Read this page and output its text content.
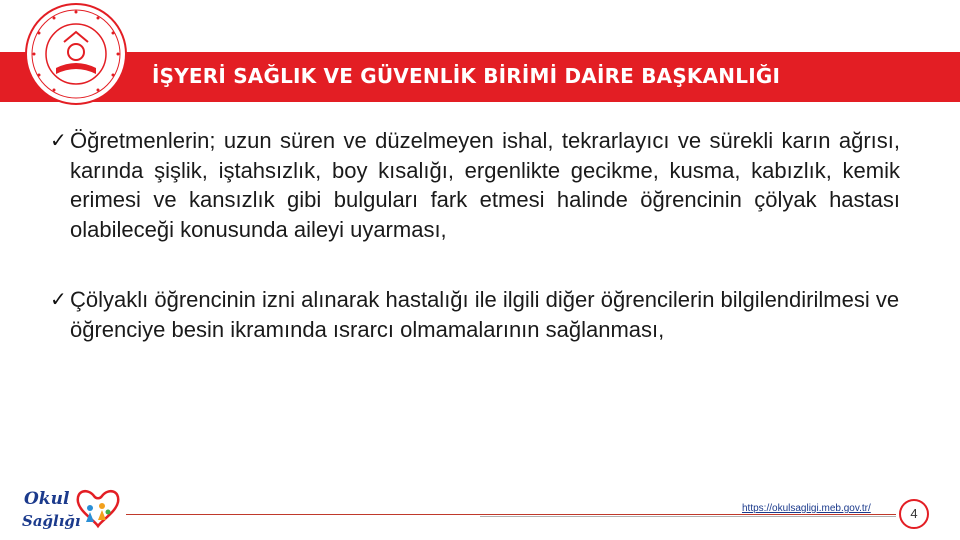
İŞYERİ SAĞLIK VE GÜVENLİK BİRİMİ DAİRE BAŞKANLIĞI
✓ Öğretmenlerin; uzun süren ve düzelmeyen ishal, tekrarlayıcı ve sürekli karın ağrısı, karında şişlik, iştahsızlık, boy kısalığı, ergenlikte gecikme, kusma, kabızlık, kemik erimesi ve kansızlık gibi bulguları fark etmesi halinde öğrencinin çölyak hastası olabileceği konusunda aileyi uyarması,
✓ Çölyaklı öğrencinin izni alınarak hastalığı ile ilgili diğer öğrencilerin bilgilendirilmesi ve öğrenciye besin ikramında ısrarcı olmamalarının sağlanması,
Okul
Sağlığı
https://okulsagligi.meb.gov.tr/	4
